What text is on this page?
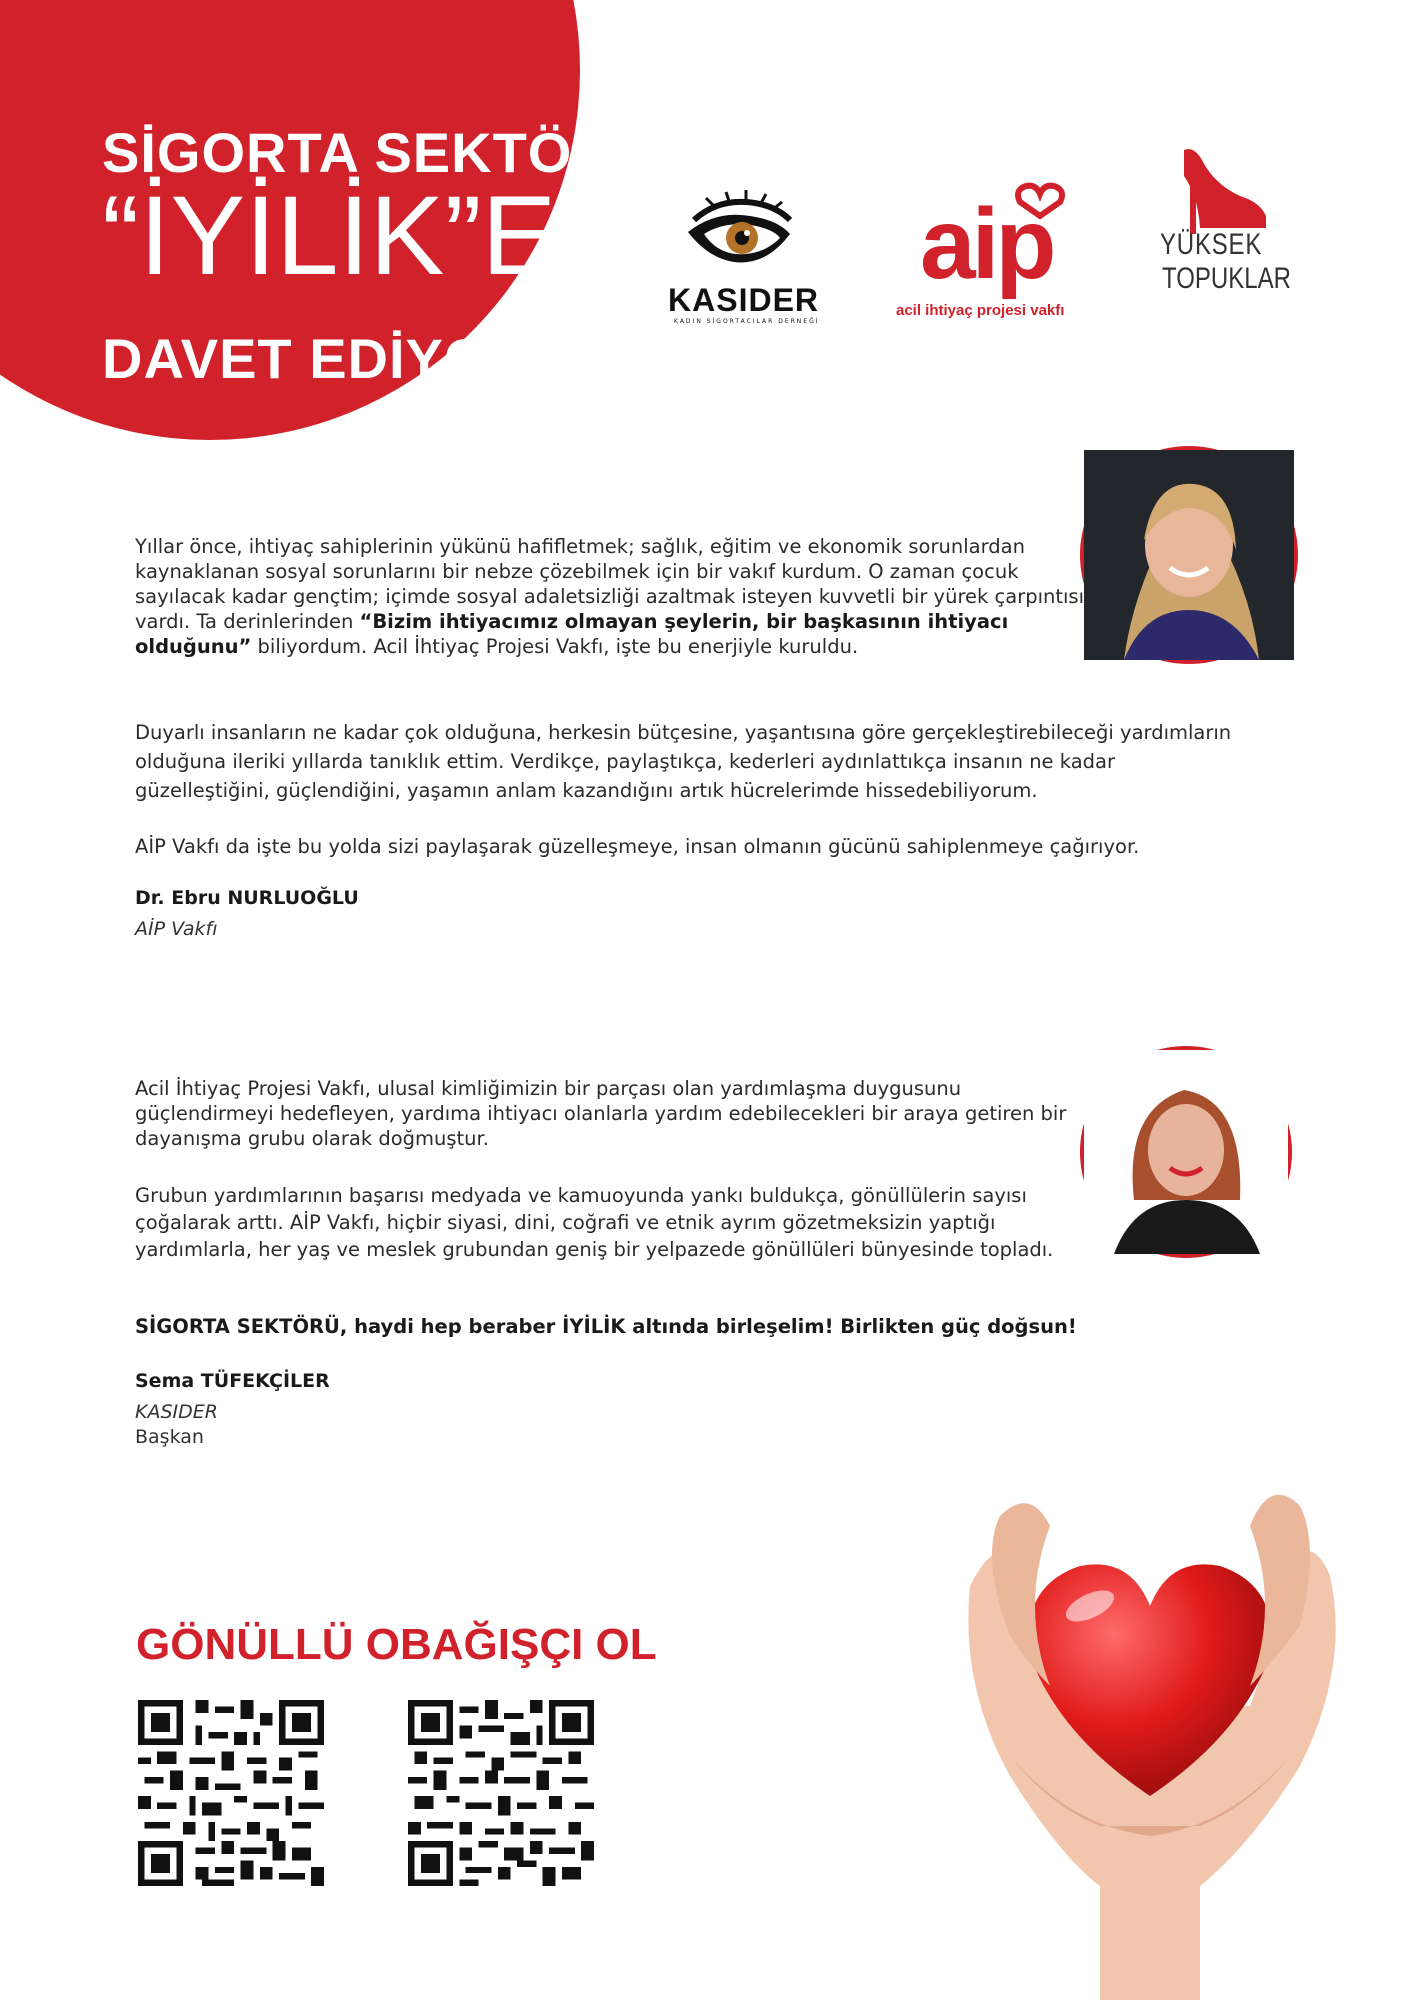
SİGORTA SEKTÖRÜ
“İYİLİK”E
DAVET EDİYOR
KASIDER
KADIN SİGORTACILAR DERNEĞİ
aip
acil ihtiyaç projesi vakfı
YÜKSEK
TOPUKLAR

Yıllar önce, ihtiyaç sahiplerinin yükünü hafifletmek; sağlık, eğitim ve ekonomik sorunlardan kaynaklanan sosyal sorunlarını bir nebze çözebilmek için bir vakıf kurdum. O zaman çocuk sayılacak kadar gençtim; içimde sosyal adaletsizliği azaltmak isteyen kuvvetli bir yürek çarpıntısı vardı. Ta derinlerinden “Bizim ihtiyacımız olmayan şeylerin, bir başkasının ihtiyacı olduğunu” biliyordum. Acil İhtiyaç Projesi Vakfı, işte bu enerjiyle kuruldu.

Duyarlı insanların ne kadar çok olduğuna, herkesin bütçesine, yaşantısına göre gerçekleştirebileceği yardımların olduğuna ileriki yıllarda tanıklık ettim. Verdikçe, paylaştıkça, kederleri aydınlattıkça insanın ne kadar güzelleştiğini, güçlendiğini, yaşamın anlam kazandığını artık hücrelerimde hissedebiliyorum.

AİP Vakfı da işte bu yolda sizi paylaşarak güzelleşmeye, insan olmanın gücünü sahiplenmeye çağırıyor.

Dr. Ebru NURLUOĞLU
AİP Vakfı

Acil İhtiyaç Projesi Vakfı, ulusal kimliğimizin bir parçası olan yardımlaşma duygusunu güçlendirmeyi hedefleyen, yardıma ihtiyacı olanlarla yardım edebilecekleri bir araya getiren bir dayanışma grubu olarak doğmuştur.

Grubun yardımlarının başarısı medyada ve kamuoyunda yankı buldukça, gönüllülerin sayısı çoğalarak arttı. AİP Vakfı, hiçbir siyasi, dini, coğrafi ve etnik ayrım gözetmeksizin yaptığı yardımlarla, her yaş ve meslek grubundan geniş bir yelpazede gönüllüleri bünyesinde topladı.

SİGORTA SEKTÖRÜ, haydi hep beraber İYİLİK altında birleşelim! Birlikten güç doğsun!

Sema TÜFEKÇİLER
KASIDER
Başkan
GÖNÜLLÜ OBAĞIŞÇI OL
